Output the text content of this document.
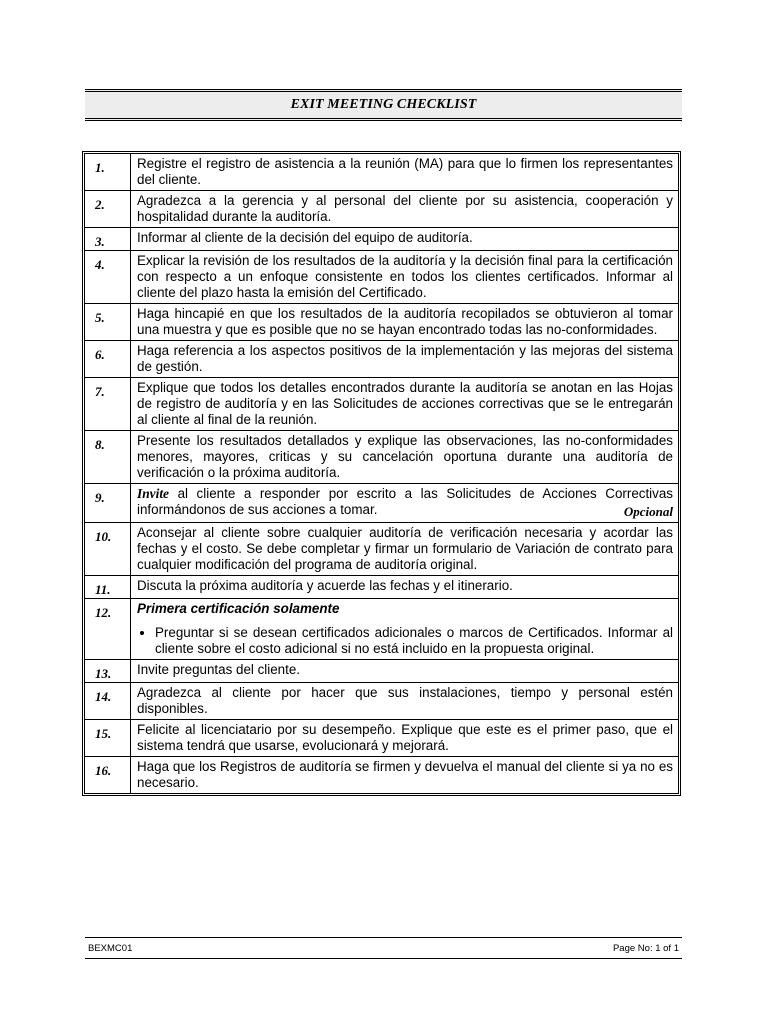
EXIT MEETING CHECKLIST
1.	Registre el registro de asistencia a la reunión (MA) para que lo firmen los representantes del cliente.
2.	Agradezca a la gerencia y al personal del cliente por su asistencia, cooperación y hospitalidad durante la auditoría.
3.	Informar al cliente de la decisión del equipo de auditoría.
4.	Explicar la revisión de los resultados de la auditoría y la decisión final para la certificación con respecto a un enfoque consistente en todos los clientes certificados. Informar al cliente del plazo hasta la emisión del Certificado.
5.	Haga hincapié en que los resultados de la auditoría recopilados se obtuvieron al tomar una muestra y que es posible que no se hayan encontrado todas las no-conformidades.
6.	Haga referencia a los aspectos positivos de la implementación y las mejoras del sistema de gestión.
7.	Explique que todos los detalles encontrados durante la auditoría se anotan en las Hojas de registro de auditoría y en las Solicitudes de acciones correctivas que se le entregarán al cliente al final de la reunión.
8.	Presente los resultados detallados y explique las observaciones, las no-conformidades menores, mayores, criticas y su cancelación oportuna durante una auditoría de verificación o la próxima auditoría.
9.	Invite al cliente a responder por escrito a las Solicitudes de Acciones Correctivas informándonos de sus acciones a tomar.	Opcional
10.	Aconsejar al cliente sobre cualquier auditoría de verificación necesaria y acordar las fechas y el costo. Se debe completar y firmar un formulario de Variación de contrato para cualquier modificación del programa de auditoría original.
11.	Discuta la próxima auditoría y acuerde las fechas y el itinerario.
12.	Primera certificación solamente
• Preguntar si se desean certificados adicionales o marcos de Certificados. Informar al cliente sobre el costo adicional si no está incluido en la propuesta original.
13.	Invite preguntas del cliente.
14.	Agradezca al cliente por hacer que sus instalaciones, tiempo y personal estén disponibles.
15.	Felicite al licenciatario por su desempeño. Explique que este es el primer paso, que el sistema tendrá que usarse, evolucionará y mejorará.
16.	Haga que los Registros de auditoría se firmen y devuelva el manual del cliente si ya no es necesario.
BEXMC01	Page No: 1 of 1
